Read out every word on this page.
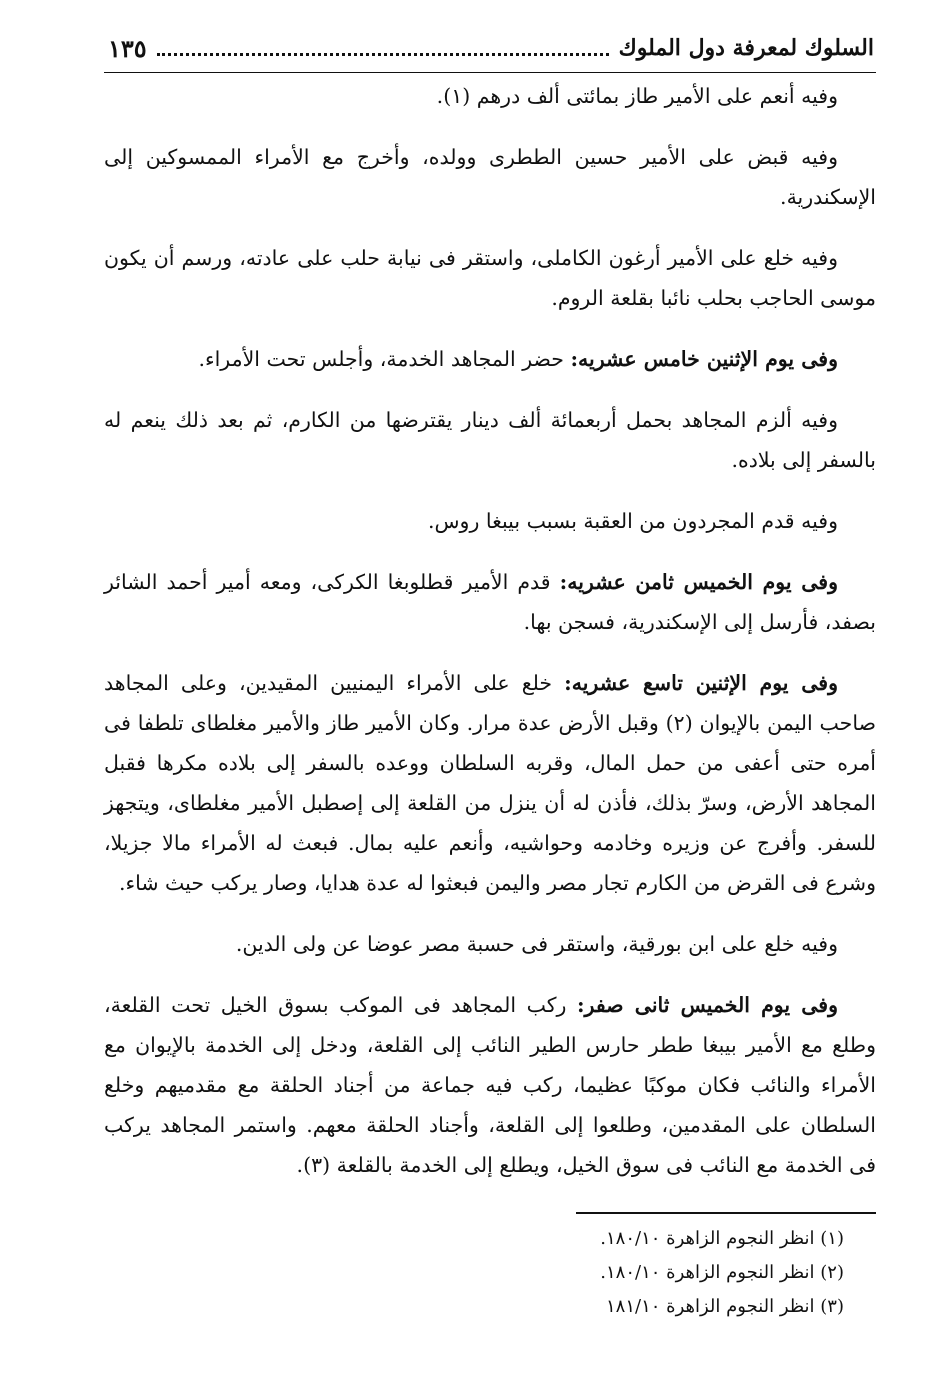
السلوك لمعرفة دول الملوك
١٣٥

وفيه أنعم على الأمير طاز بمائتى ألف درهم (١).

وفيه قبض على الأمير حسين الططرى وولده، وأخرج مع الأمراء الممسوكين إلى الإسكندرية.

وفيه خلع على الأمير أرغون الكاملى، واستقر فى نيابة حلب على عادته، ورسم أن يكون موسى الحاجب بحلب نائبا بقلعة الروم.

وفى يوم الإثنين خامس عشريه: حضر المجاهد الخدمة، وأجلس تحت الأمراء.

وفيه ألزم المجاهد بحمل أربعمائة ألف دينار يقترضها من الكارم، ثم بعد ذلك ينعم له بالسفر إلى بلاده.

وفيه قدم المجردون من العقبة بسبب بيبغا روس.

وفى يوم الخميس ثامن عشريه: قدم الأمير قطلوبغا الكركى، ومعه أمير أحمد الشائر بصفد، فأرسل إلى الإسكندرية، فسجن بها.

وفى يوم الإثنين تاسع عشريه: خلع على الأمراء اليمنيين المقيدين، وعلى المجاهد صاحب اليمن بالإيوان (٢) وقبل الأرض عدة مرار. وكان الأمير طاز والأمير مغلطاى تلطفا فى أمره حتى أعفى من حمل المال، وقربه السلطان ووعده بالسفر إلى بلاده مكرها فقبل المجاهد الأرض، وسرّ بذلك، فأذن له أن ينزل من القلعة إلى إصطبل الأمير مغلطاى، ويتجهز للسفر. وأفرج عن وزيره وخادمه وحواشيه، وأنعم عليه بمال. فبعث له الأمراء مالا جزيلا، وشرع فى القرض من الكارم تجار مصر واليمن فبعثوا له عدة هدايا، وصار يركب حيث شاء.

وفيه خلع على ابن بورقية، واستقر فى حسبة مصر عوضا عن ولى الدين.

وفى يوم الخميس ثانى صفر: ركب المجاهد فى الموكب بسوق الخيل تحت القلعة، وطلع مع الأمير بيبغا ططر حارس الطير النائب إلى القلعة، ودخل إلى الخدمة بالإيوان مع الأمراء والنائب فكان موكبًا عظيما، ركب فيه جماعة من أجناد الحلقة مع مقدميهم وخلع السلطان على المقدمين، وطلعوا إلى القلعة، وأجناد الحلقة معهم. واستمر المجاهد يركب فى الخدمة مع النائب فى سوق الخيل، ويطلع إلى الخدمة بالقلعة (٣).

(١) انظر النجوم الزاهرة ١٨٠/١٠.
(٢) انظر النجوم الزاهرة ١٨٠/١٠.
(٣) انظر النجوم الزاهرة ١٨١/١٠
